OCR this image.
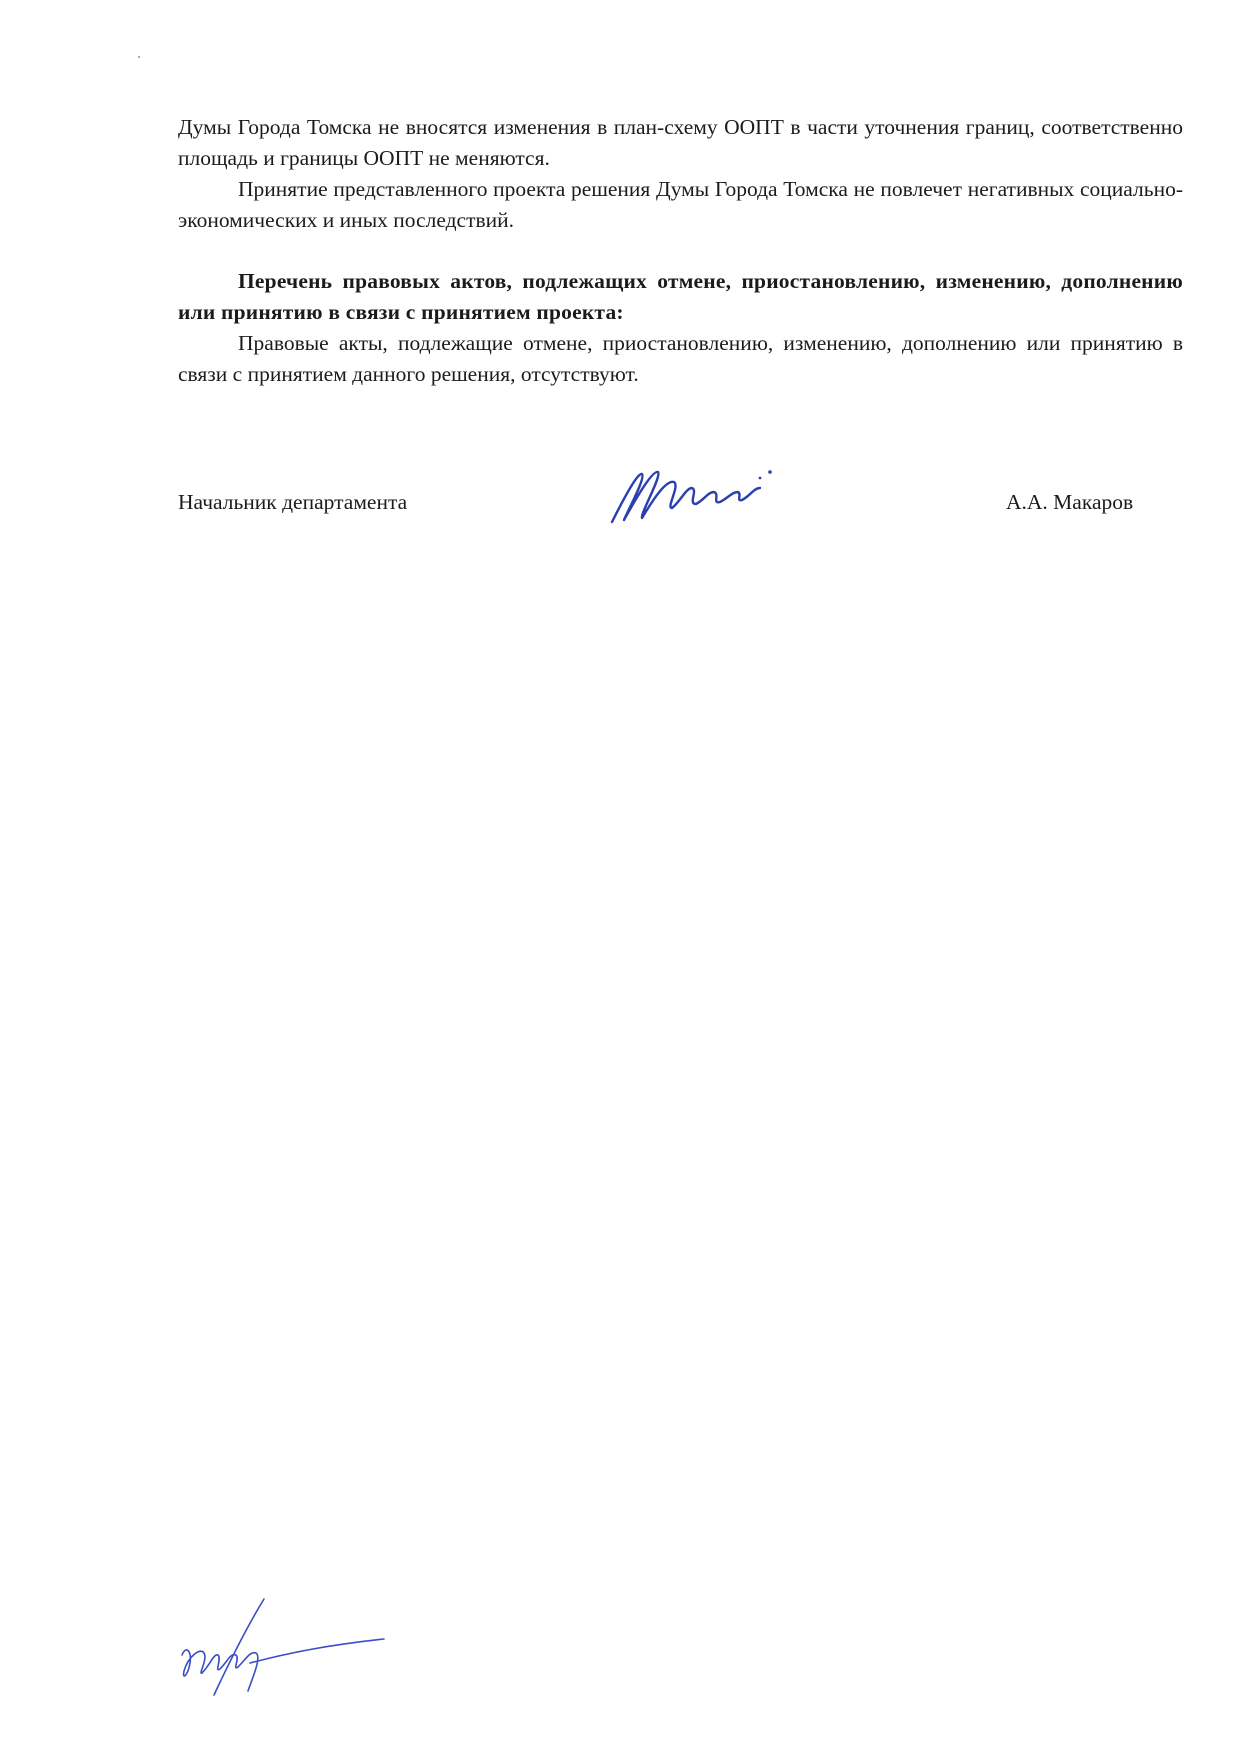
Думы Города Томска не вносятся изменения в план-схему ООПТ в части уточнения границ, соответственно площадь и границы ООПТ не меняются.

Принятие представленного проекта решения Думы Города Томска не повлечет негативных социально-экономических и иных последствий.

Перечень правовых актов, подлежащих отмене, приостановлению, изменению, дополнению или принятию в связи с принятием проекта:

Правовые акты, подлежащие отмене, приостановлению, изменению, дополнению или принятию в связи с принятием данного решения, отсутствуют.

Начальник департамента	А.А. Макаров
